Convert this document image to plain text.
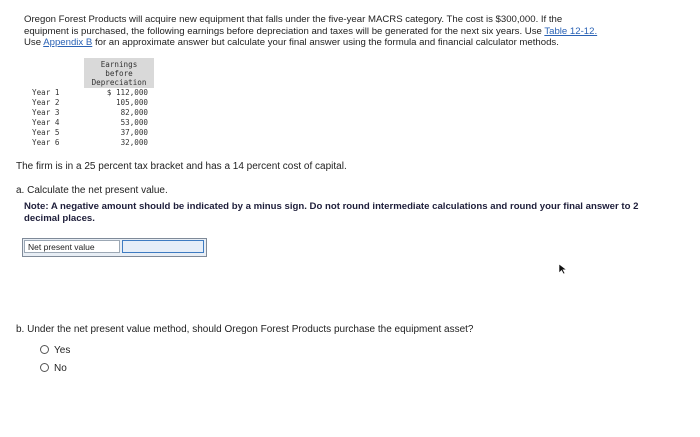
Oregon Forest Products will acquire new equipment that falls under the five-year MACRS category. The cost is $300,000. If the

equipment is purchased, the following earnings before depreciation and taxes will be generated for the next six years. Use Table 12-12.

Use Appendix B for an approximate answer but calculate your final answer using the formula and financial calculator methods.

Earnings
before
Depreciation
Year 1	$ 112,000
Year 2	105,000
Year 3	82,000
Year 4	53,000
Year 5	37,000
Year 6	32,000
The firm is in a 25 percent tax bracket and has a 14 percent cost of capital.
a. Calculate the net present value.
Note: A negative amount should be indicated by a minus sign. Do not round intermediate calculations and round your final answer to 2 decimal places.
Net present value
b. Under the net present value method, should Oregon Forest Products purchase the equipment asset?
Yes
No
